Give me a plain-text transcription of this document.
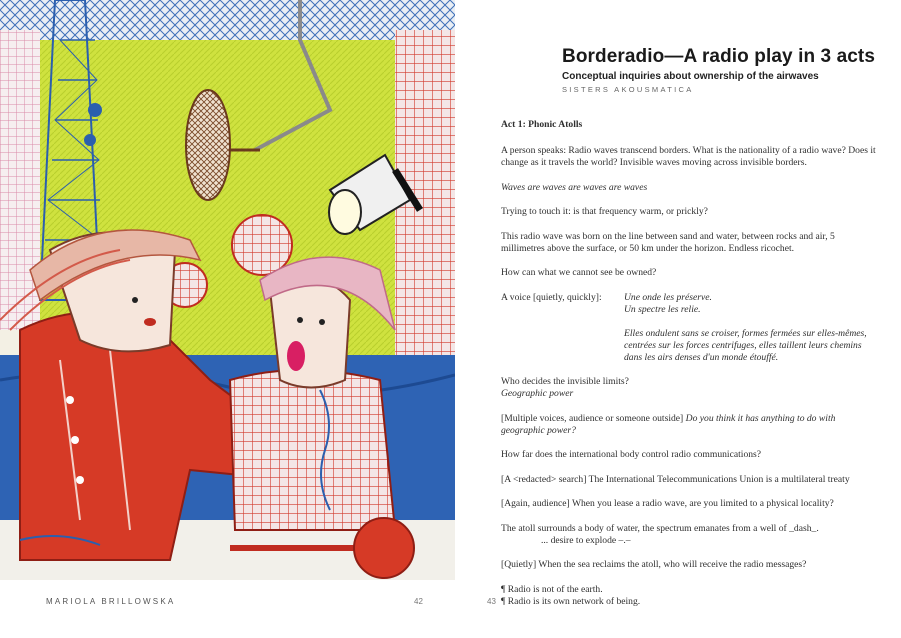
MARIOLA BRILLOWSKA	42	43
Borderadio—A radio play in 3 acts
Conceptual inquiries about ownership of the airwaves
SISTERS AKOUSMATICA

Act 1: Phonic Atolls

A person speaks: Radio waves transcend borders. What is the nationality of a radio wave? Does it change as it travels the world? Invisible waves moving across invisible borders.

Waves are waves are waves are waves

Trying to touch it: is that frequency warm, or prickly?

This radio wave was born on the line between sand and water, between rocks and air, 5 millimetres above the surface, or 50 km under the horizon. Endless ricochet.

How can what we cannot see be owned?

A voice [quietly, quickly]:	Une onde les préserve.
Un spectre les relie.

Elles ondulent sans se croiser, formes fermées sur elles-mêmes, centrées sur les forces centrifuges, elles taillent leurs chemins dans les airs denses d'un monde étouffé.

Who decides the invisible limits?
Geographic power

[Multiple voices, audience or someone outside] Do you think it has anything to do with geographic power?

How far does the international body control radio communications?

[A <redacted> search] The International Telecommunications Union is a multilateral treaty

[Again, audience] When you lease a radio wave, are you limited to a physical locality?

The atoll surrounds a body of water, the spectrum emanates from a well of _dash_.
... desire to explode –.–

[Quietly] When the sea reclaims the atoll, who will receive the radio messages?

¶ Radio is not of the earth.
¶ Radio is its own network of being.
